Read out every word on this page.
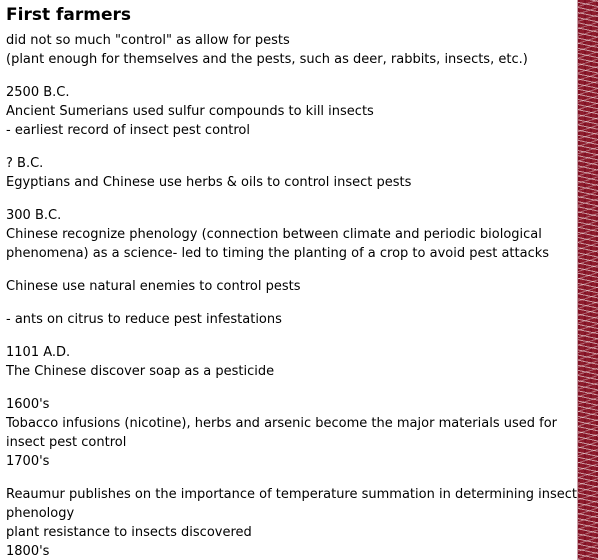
First farmers
did not so much "control" as allow for pests
(plant enough for themselves and the pests, such as deer, rabbits, insects, etc.)
2500 B.C.
Ancient Sumerians used sulfur compounds to kill insects
- earliest record of insect pest control
? B.C.
Egyptians and Chinese use herbs & oils to control insect pests
300 B.C.
Chinese recognize phenology (connection between climate and periodic biological
phenomena) as a science- led to timing the planting of a crop to avoid pest attacks
Chinese use natural enemies to control pests
- ants on citrus to reduce pest infestations
1101 A.D.
The Chinese discover soap as a pesticide
1600's
Tobacco infusions (nicotine), herbs and arsenic become the major materials used for
insect pest control
1700's
Reaumur publishes on the importance of temperature summation in determining insect
phenology
plant resistance to insects discovered
1800's
